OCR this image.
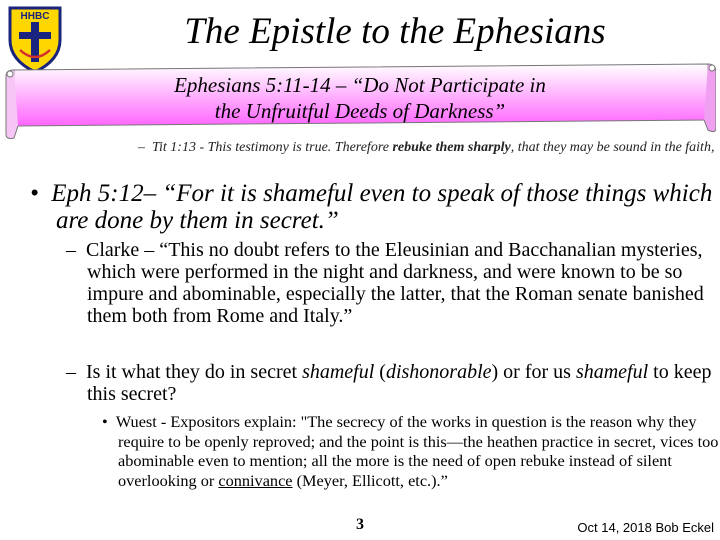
HHBC	The Epistle to the Ephesians
Ephesians 5:11-14 – “Do Not Participate in
the Unfruitful Deeds of Darkness”
– Tit 1:13 - This testimony is true. Therefore rebuke them sharply, that they may be sound in the faith,
• Eph 5:12– “For it is shameful even to speak of those things which are done by them in secret.”
– Clarke – “This no doubt refers to the Eleusinian and Bacchanalian mysteries, which were performed in the night and darkness, and were known to be so impure and abominable, especially the latter, that the Roman senate banished them both from Rome and Italy.”
– Is it what they do in secret shameful (dishonorable) or for us shameful to keep this secret?
• Wuest - Expositors explain: "The secrecy of the works in question is the reason why they require to be openly reproved; and the point is this—the heathen practice in secret, vices too abominable even to mention; all the more is the need of open rebuke instead of silent overlooking or connivance (Meyer, Ellicott, etc.).”
3	Oct 14, 2018 Bob Eckel
